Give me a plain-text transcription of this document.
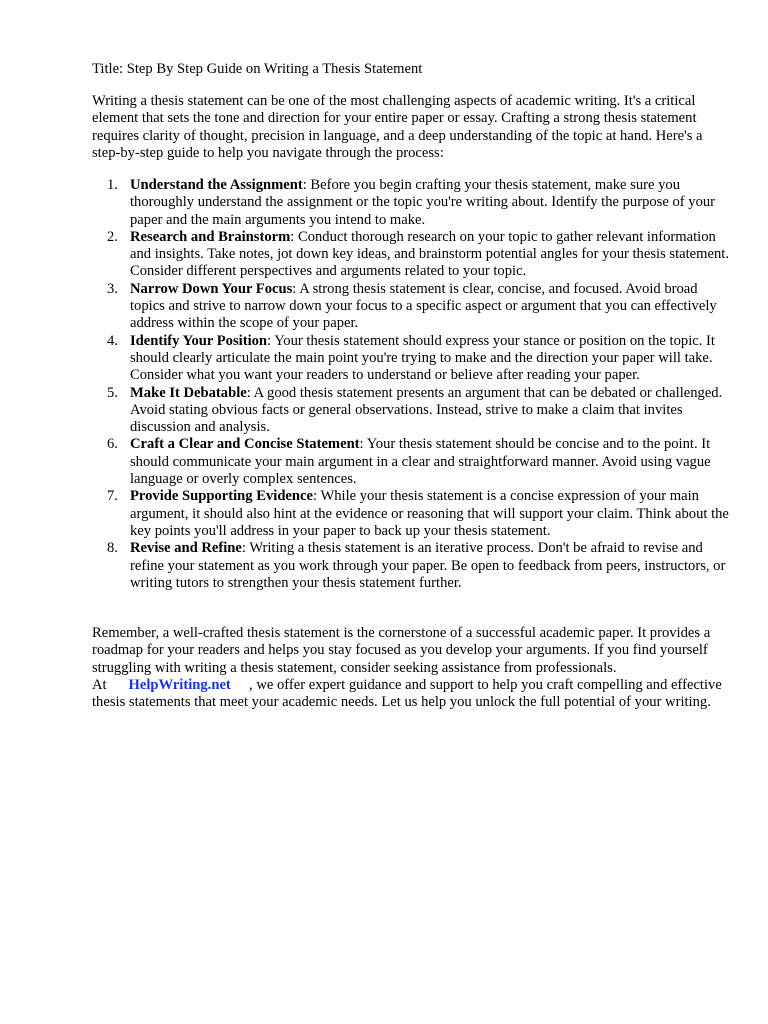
Title: Step By Step Guide on Writing a Thesis Statement

Writing a thesis statement can be one of the most challenging aspects of academic writing. It's a critical element that sets the tone and direction for your entire paper or essay. Crafting a strong thesis statement requires clarity of thought, precision in language, and a deep understanding of the topic at hand. Here's a step-by-step guide to help you navigate through the process:

1. Understand the Assignment: Before you begin crafting your thesis statement, make sure you thoroughly understand the assignment or the topic you're writing about. Identify the purpose of your paper and the main arguments you intend to make.
2. Research and Brainstorm: Conduct thorough research on your topic to gather relevant information and insights. Take notes, jot down key ideas, and brainstorm potential angles for your thesis statement. Consider different perspectives and arguments related to your topic.
3. Narrow Down Your Focus: A strong thesis statement is clear, concise, and focused. Avoid broad topics and strive to narrow down your focus to a specific aspect or argument that you can effectively address within the scope of your paper.
4. Identify Your Position: Your thesis statement should express your stance or position on the topic. It should clearly articulate the main point you're trying to make and the direction your paper will take. Consider what you want your readers to understand or believe after reading your paper.
5. Make It Debatable: A good thesis statement presents an argument that can be debated or challenged. Avoid stating obvious facts or general observations. Instead, strive to make a claim that invites discussion and analysis.
6. Craft a Clear and Concise Statement: Your thesis statement should be concise and to the point. It should communicate your main argument in a clear and straightforward manner. Avoid using vague language or overly complex sentences.
7. Provide Supporting Evidence: While your thesis statement is a concise expression of your main argument, it should also hint at the evidence or reasoning that will support your claim. Think about the key points you'll address in your paper to back up your thesis statement.
8. Revise and Refine: Writing a thesis statement is an iterative process. Don't be afraid to revise and refine your statement as you work through your paper. Be open to feedback from peers, instructors, or writing tutors to strengthen your thesis statement further.

Remember, a well-crafted thesis statement is the cornerstone of a successful academic paper. It provides a roadmap for your readers and helps you stay focused as you develop your arguments. If you find yourself struggling with writing a thesis statement, consider seeking assistance from professionals. At HelpWriting.net , we offer expert guidance and support to help you craft compelling and effective thesis statements that meet your academic needs. Let us help you unlock the full potential of your writing.
